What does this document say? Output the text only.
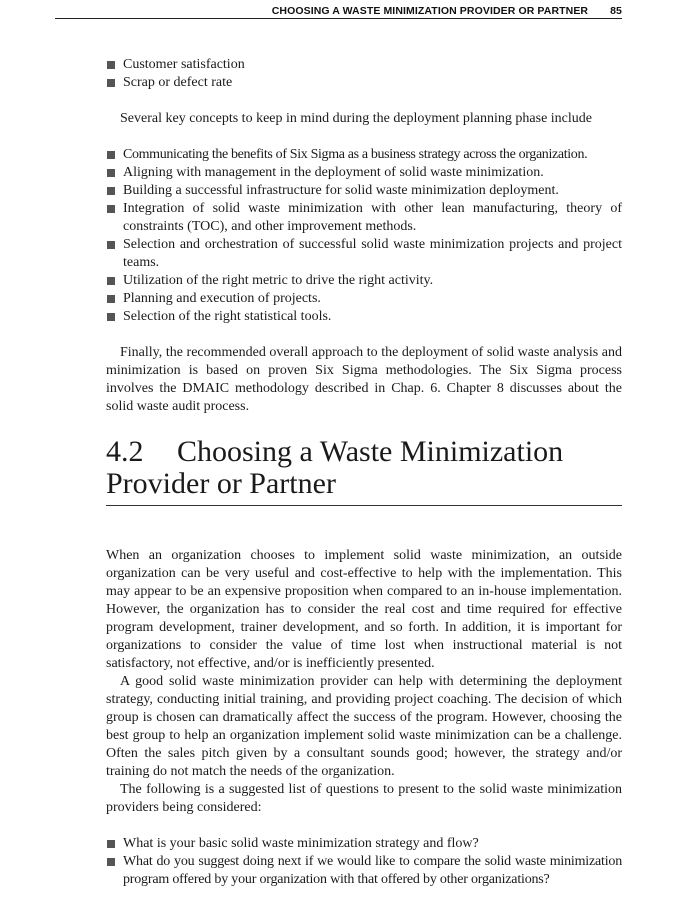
CHOOSING A WASTE MINIMIZATION PROVIDER OR PARTNER 85
Customer satisfaction
Scrap or defect rate

Several key concepts to keep in mind during the deployment planning phase include

Communicating the benefits of Six Sigma as a business strategy across the organization.
Aligning with management in the deployment of solid waste minimization.
Building a successful infrastructure for solid waste minimization deployment.
Integration of solid waste minimization with other lean manufacturing, theory of constraints (TOC), and other improvement methods.
Selection and orchestration of successful solid waste minimization projects and project teams.
Utilization of the right metric to drive the right activity.
Planning and execution of projects.
Selection of the right statistical tools.

Finally, the recommended overall approach to the deployment of solid waste analysis and minimization is based on proven Six Sigma methodologies. The Six Sigma process involves the DMAIC methodology described in Chap. 6. Chapter 8 discusses about the solid waste audit process.

4.2 Choosing a Waste Minimization
Provider or Partner

When an organization chooses to implement solid waste minimization, an outside organization can be very useful and cost-effective to help with the implementation. This may appear to be an expensive proposition when compared to an in-house implementation. However, the organization has to consider the real cost and time required for effective program development, trainer development, and so forth. In addition, it is important for organizations to consider the value of time lost when instructional material is not satisfactory, not effective, and/or is inefficiently presented.

A good solid waste minimization provider can help with determining the deployment strategy, conducting initial training, and providing project coaching. The decision of which group is chosen can dramatically affect the success of the program. However, choosing the best group to help an organization implement solid waste minimization can be a challenge. Often the sales pitch given by a consultant sounds good; however, the strategy and/or training do not match the needs of the organization.

The following is a suggested list of questions to present to the solid waste minimization providers being considered:

What is your basic solid waste minimization strategy and flow?
What do you suggest doing next if we would like to compare the solid waste minimization program offered by your organization with that offered by other organizations?
